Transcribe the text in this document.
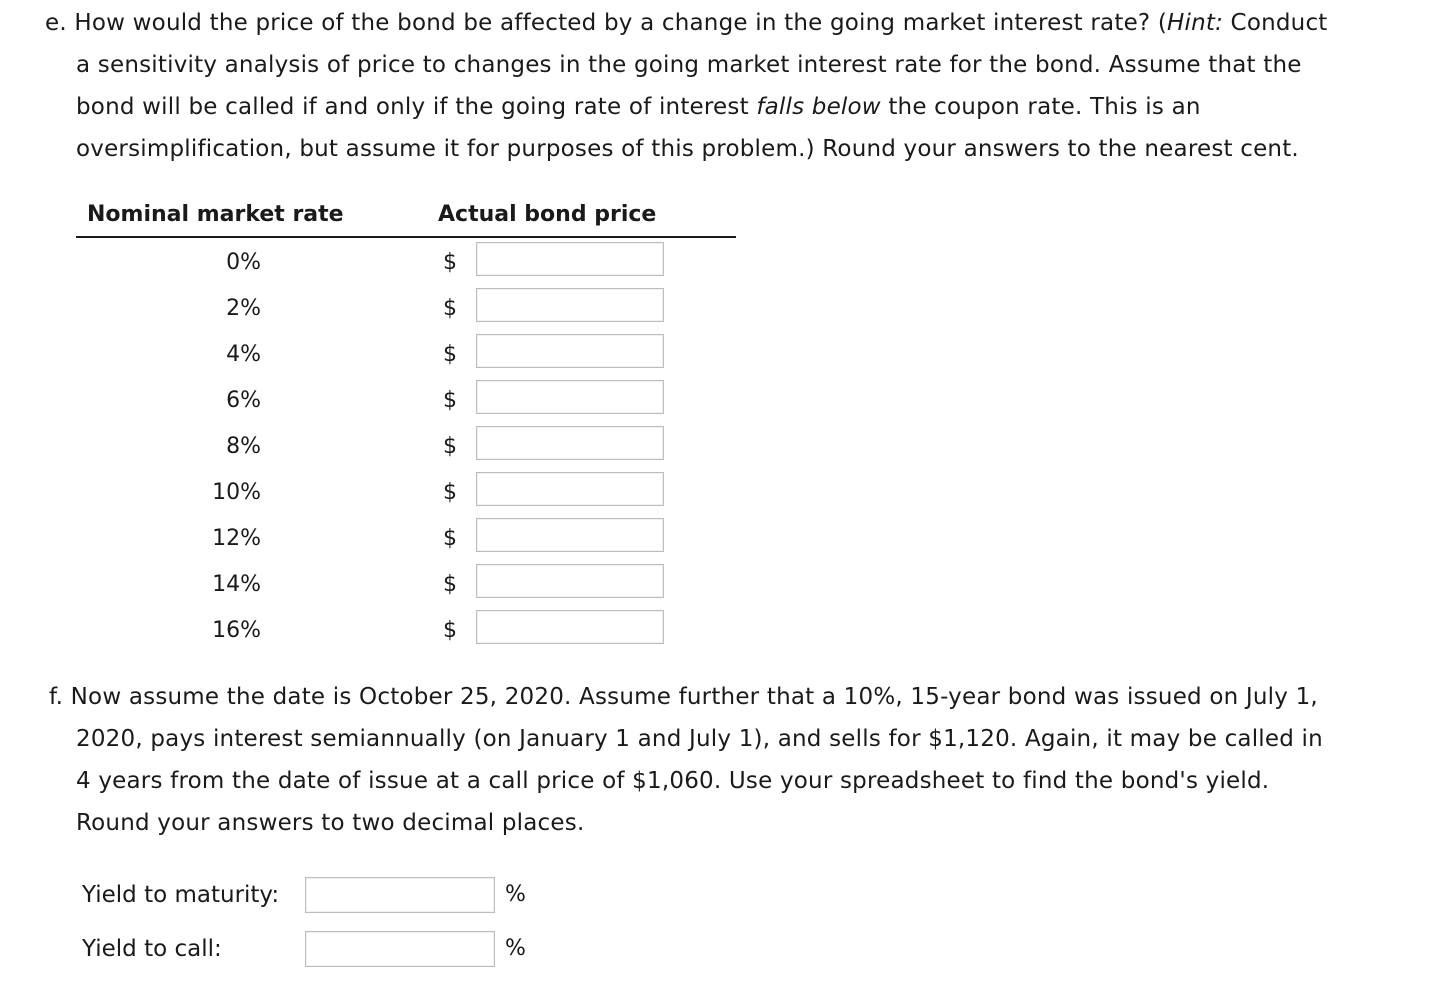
e. How would the price of the bond be affected by a change in the going market interest rate? (Hint: Conduct
a sensitivity analysis of price to changes in the going market interest rate for the bond. Assume that the
bond will be called if and only if the going rate of interest falls below the coupon rate. This is an
oversimplification, but assume it for purposes of this problem.) Round your answers to the nearest cent.
Nominal market rate	Actual bond price
0%	$
2%	$
4%	$
6%	$
8%	$
10%	$
12%	$
14%	$
16%	$
f. Now assume the date is October 25, 2020. Assume further that a 10%, 15-year bond was issued on July 1,
2020, pays interest semiannually (on January 1 and July 1), and sells for $1,120. Again, it may be called in
4 years from the date of issue at a call price of $1,060. Use your spreadsheet to find the bond's yield.
Round your answers to two decimal places.
Yield to maturity:	%
Yield to call:	%
